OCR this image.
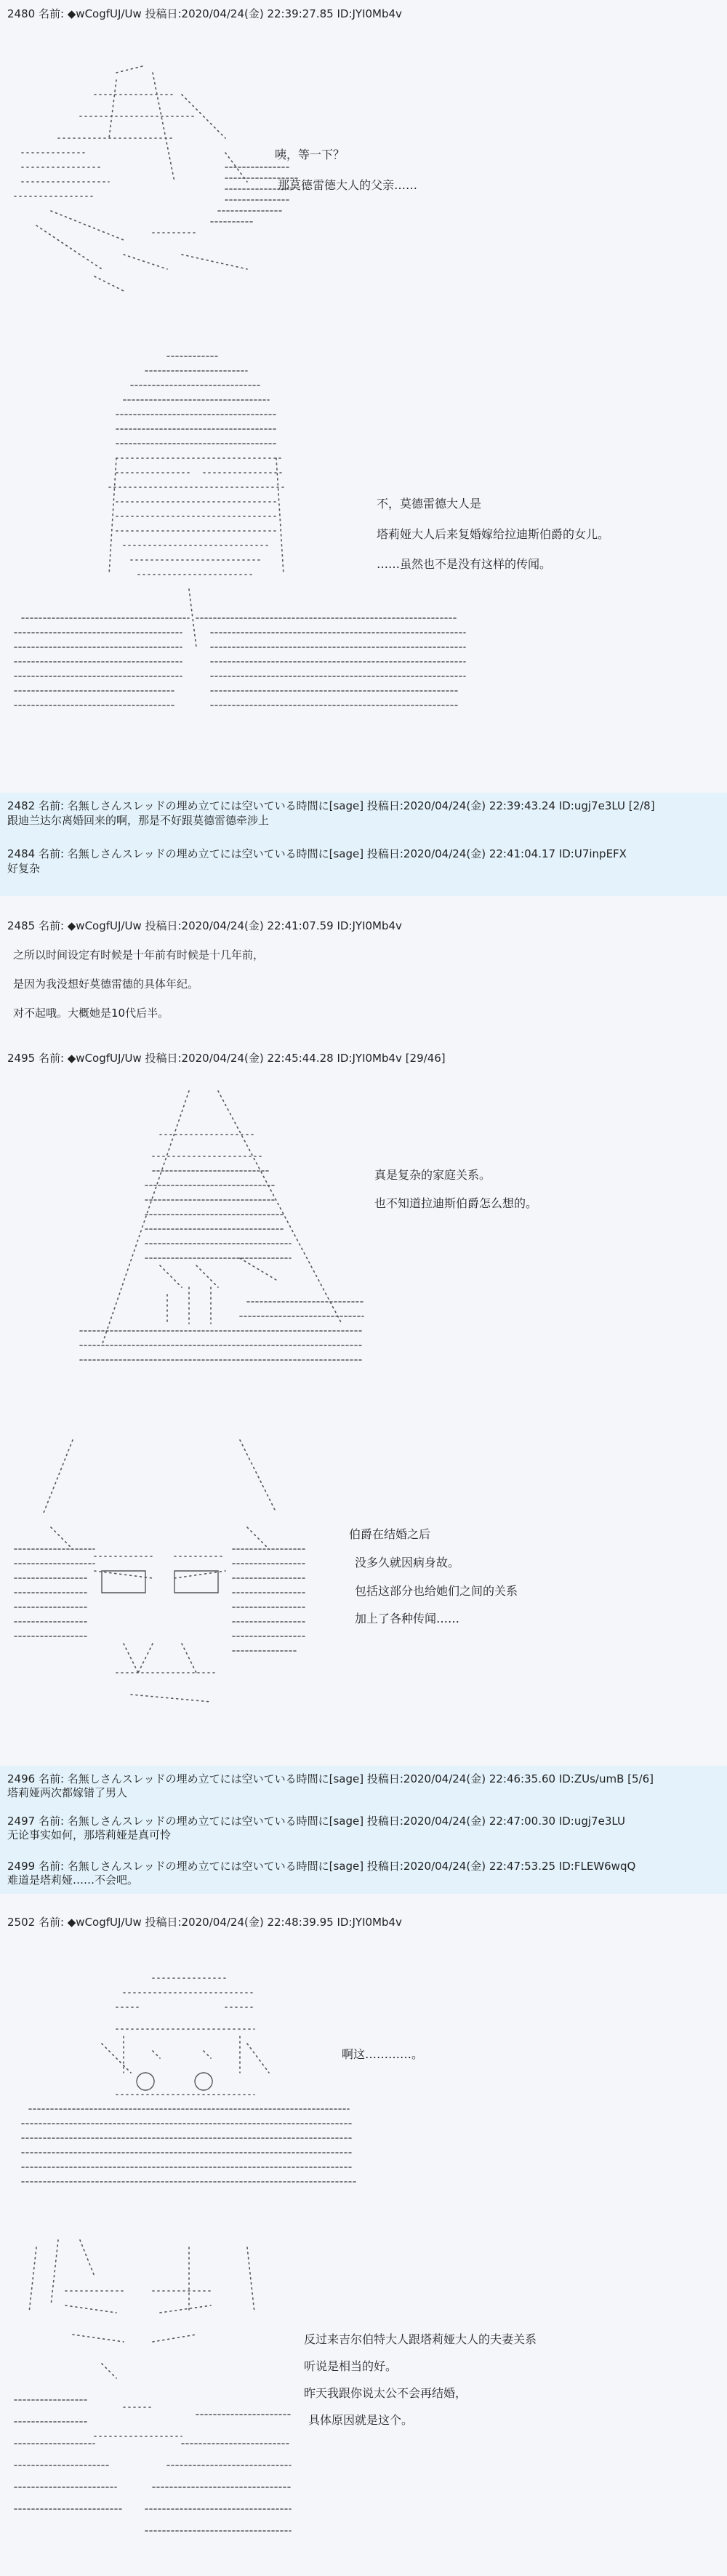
2480 名前: ◆wCogfUJ/Uw 投稿日:2020/04/24(金) 22:39:27.85 ID:JYI0Mb4v
咦，等一下？
那莫德雷德大人的父亲……
不，莫德雷德大人是
塔莉娅大人后来复婚嫁给拉迪斯伯爵的女儿。
……虽然也不是没有这样的传闻。
2482 名前: 名無しさんスレッドの埋め立てには空いている時間に[sage] 投稿日:2020/04/24(金) 22:39:43.24 ID:ugj7e3LU [2/8]
跟迪兰达尔离婚回来的啊，那是不好跟莫德雷德牵涉上
2484 名前: 名無しさんスレッドの埋め立てには空いている時間に[sage] 投稿日:2020/04/24(金) 22:41:04.17 ID:U7inpEFX
好复杂
2485 名前: ◆wCogfUJ/Uw 投稿日:2020/04/24(金) 22:41:07.59 ID:JYI0Mb4v
之所以时间设定有时候是十年前有时候是十几年前，
是因为我没想好莫德雷德的具体年纪。
对不起哦。大概她是10代后半。
2495 名前: ◆wCogfUJ/Uw 投稿日:2020/04/24(金) 22:45:44.28 ID:JYI0Mb4v [29/46]
真是复杂的家庭关系。
也不知道拉迪斯伯爵怎么想的。
伯爵在结婚之后
没多久就因病身故。
包括这部分也给她们之间的关系
加上了各种传闻……
2496 名前: 名無しさんスレッドの埋め立てには空いている時間に[sage] 投稿日:2020/04/24(金) 22:46:35.60 ID:ZUs/umB [5/6]
塔莉娅两次都嫁错了男人
2497 名前: 名無しさんスレッドの埋め立てには空いている時間に[sage] 投稿日:2020/04/24(金) 22:47:00.30 ID:ugj7e3LU
无论事实如何，那塔莉娅是真可怜
2499 名前: 名無しさんスレッドの埋め立てには空いている時間に[sage] 投稿日:2020/04/24(金) 22:47:53.25 ID:FLEW6wqQ
难道是塔莉娅……不会吧。
2502 名前: ◆wCogfUJ/Uw 投稿日:2020/04/24(金) 22:48:39.95 ID:JYI0Mb4v
啊这…………。
反过来吉尔伯特大人跟塔莉娅大人的夫妻关系
听说是相当的好。
昨天我跟你说太公不会再结婚，
具体原因就是这个。
